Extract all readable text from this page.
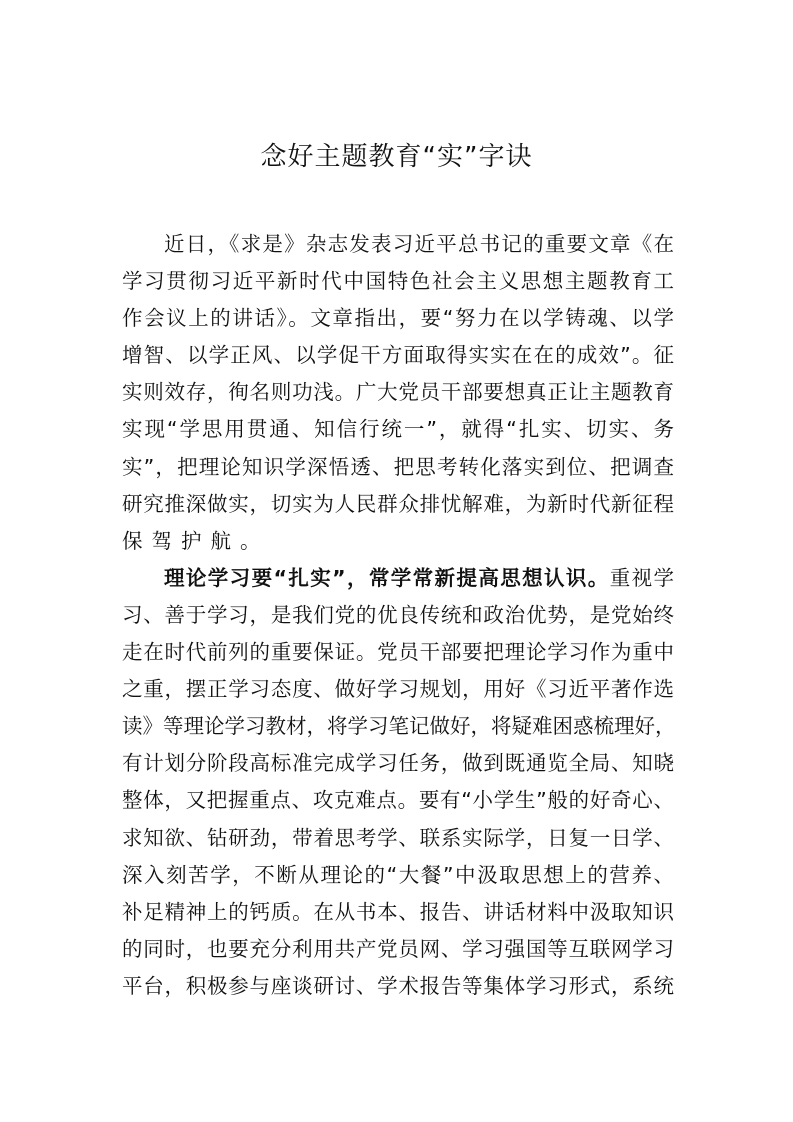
念好主题教育“实”字诀
近日，《求是》杂志发表习近平总书记的重要文章《在
学习贯彻习近平新时代中国特色社会主义思想主题教育工
作会议上的讲话》。文章指出，要“努力在以学铸魂、以学
增智、以学正风、以学促干方面取得实实在在的成效”。征
实则效存，徇名则功浅。广大党员干部要想真正让主题教育
实现“学思用贯通、知信行统一”，就得“扎实、切实、务
实”，把理论知识学深悟透、把思考转化落实到位、把调查
研究推深做实，切实为人民群众排忧解难，为新时代新征程
保驾护航。
理论学习要“扎实”，常学常新提高思想认识。重视学
习、善于学习，是我们党的优良传统和政治优势，是党始终
走在时代前列的重要保证。党员干部要把理论学习作为重中
之重，摆正学习态度、做好学习规划，用好《习近平著作选
读》等理论学习教材，将学习笔记做好，将疑难困惑梳理好，
有计划分阶段高标准完成学习任务，做到既通览全局、知晓
整体，又把握重点、攻克难点。要有“小学生”般的好奇心、
求知欲、钻研劲，带着思考学、联系实际学，日复一日学、
深入刻苦学，不断从理论的“大餐”中汲取思想上的营养、
补足精神上的钙质。在从书本、报告、讲话材料中汲取知识
的同时，也要充分利用共产党员网、学习强国等互联网学习
平台，积极参与座谈研讨、学术报告等集体学习形式，系统
